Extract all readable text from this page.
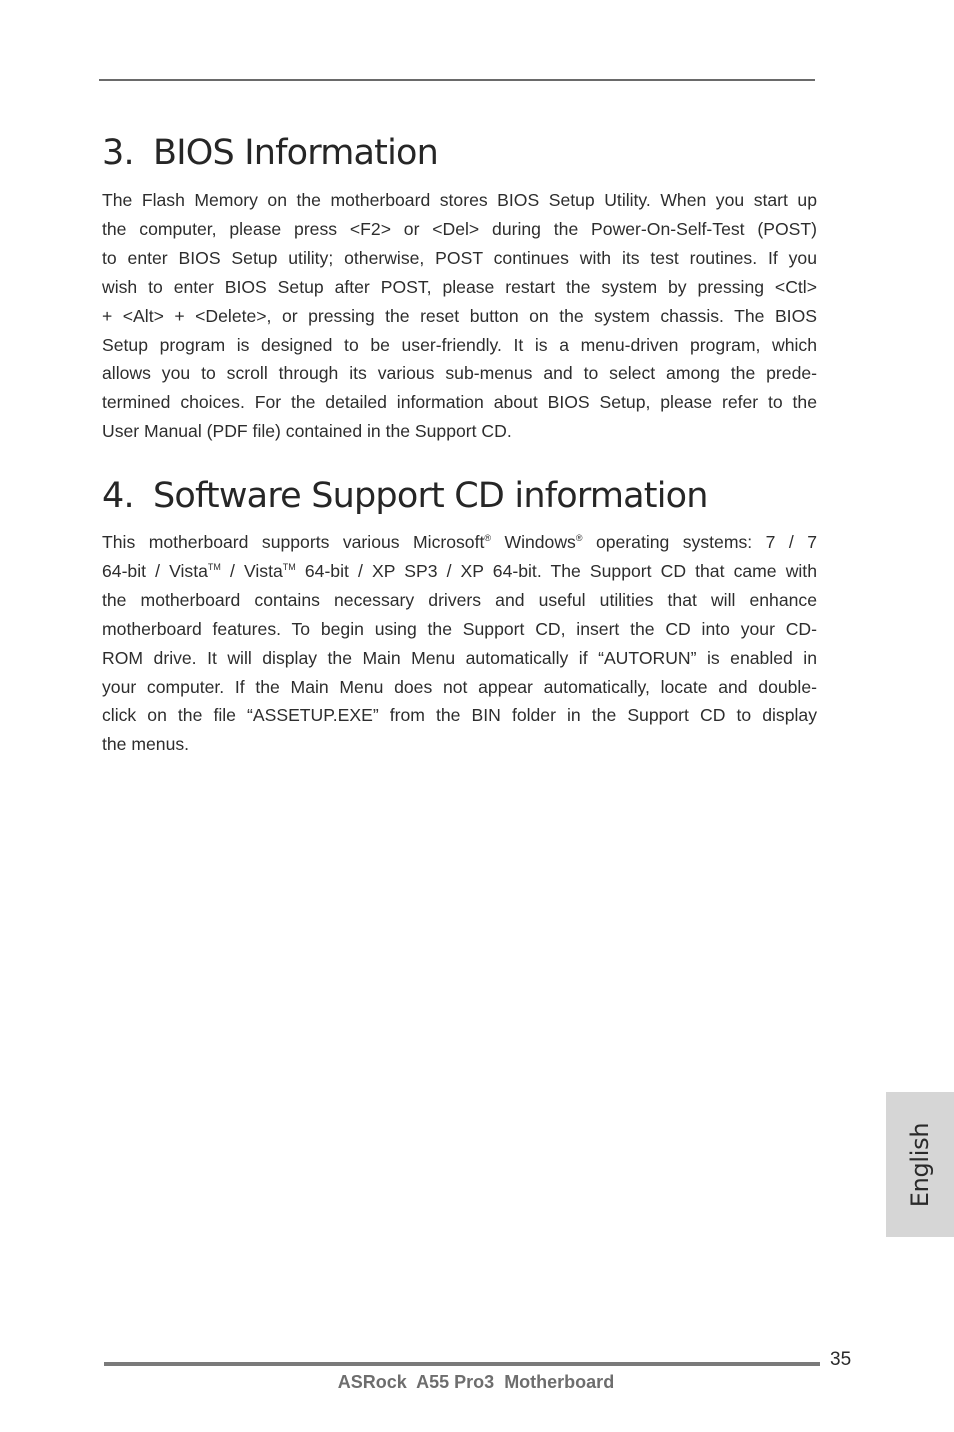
3. BIOS Information
The Flash Memory on the motherboard stores BIOS Setup Utility. When you start up
the computer, please press <F2> or <Del> during the Power-On-Self-Test (POST)
to enter BIOS Setup utility; otherwise, POST continues with its test routines. If you
wish to enter BIOS Setup after POST, please restart the system by pressing <Ctl>
+ <Alt> + <Delete>, or pressing the reset button on the system chassis. The BIOS
Setup program is designed to be user-friendly. It is a menu-driven program, which
allows you to scroll through its various sub-menus and to select among the prede-
termined choices. For the detailed information about BIOS Setup, please refer to the
User Manual (PDF file) contained in the Support CD.
4. Software Support CD information
This motherboard supports various Microsoft® Windows® operating systems: 7 / 7
64-bit / Vista™ / Vista™ 64-bit / XP SP3 / XP 64-bit. The Support CD that came with
the motherboard contains necessary drivers and useful utilities that will enhance
motherboard features. To begin using the Support CD, insert the CD into your CD-
ROM drive. It will display the Main Menu automatically if “AUTORUN” is enabled in
your computer. If the Main Menu does not appear automatically, locate and double-
click on the file “ASSETUP.EXE” from the BIN folder in the Support CD to display
the menus.
English
35
ASRock  A55 Pro3  Motherboard
